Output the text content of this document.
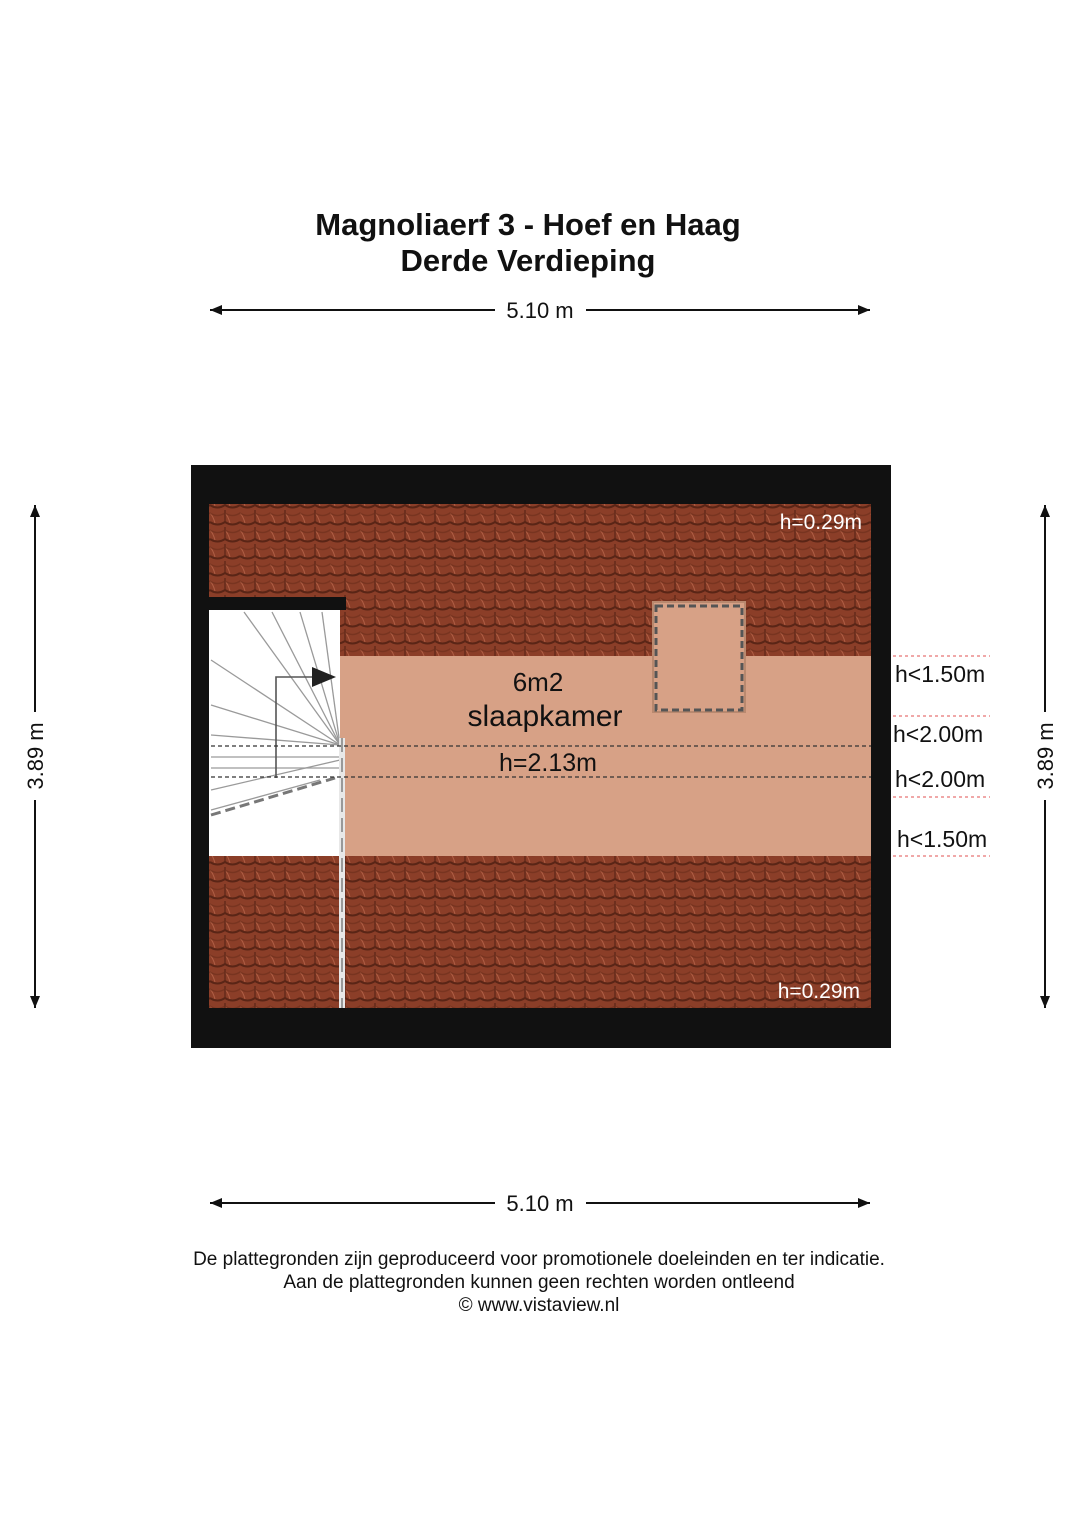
Magnoliaerf 3 - Hoef en Haag
Derde Verdieping
5.10 m
5.10 m
3.89 m	3.89 m
6m2
slaapkamer
h=2.13m
h=0.29m
h=0.29m
h<1.50m
h<2.00m
h<2.00m
h<1.50m
De plattegronden zijn geproduceerd voor promotionele doeleinden en ter indicatie.
Aan de plattegronden kunnen geen rechten worden ontleend
© www.vistaview.nl
